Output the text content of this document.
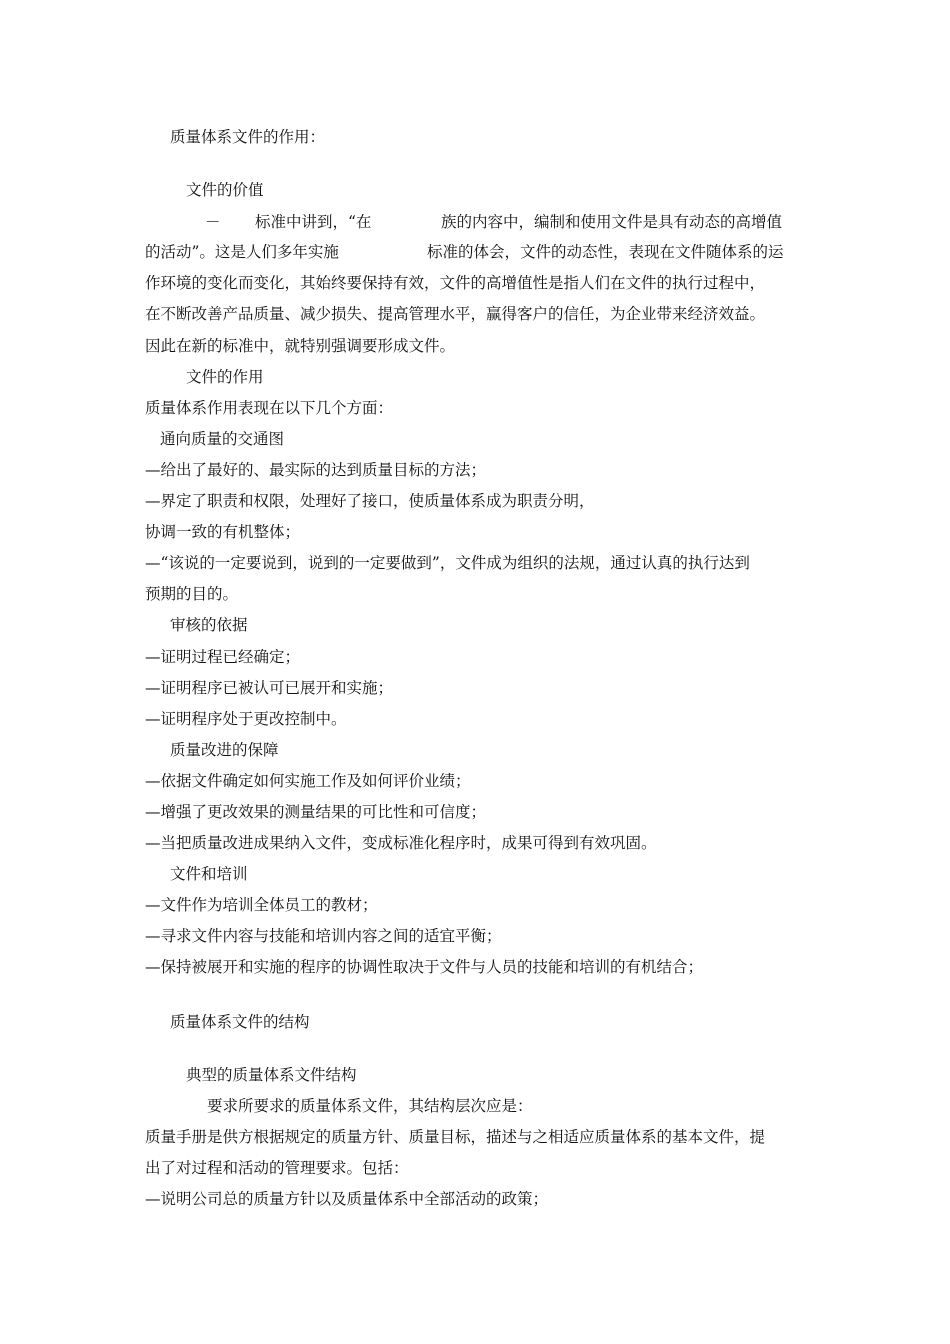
质量体系文件的作用：
文件的价值
－ 标准中讲到，“在	族的内容中，编制和使用文件是具有动态的高增值
的活动”。这是人们多年实施	标准的体会，文件的动态性，表现在文件随体系的运
作环境的变化而变化，其始终要保持有效，文件的高增值性是指人们在文件的执行过程中，
在不断改善产品质量、减少损失、提高管理水平，赢得客户的信任，为企业带来经济效益。
因此在新的标准中，就特别强调要形成文件。
文件的作用
质量体系作用表现在以下几个方面：
通向质量的交通图
—给出了最好的、最实际的达到质量目标的方法；
—界定了职责和权限，处理好了接口，使质量体系成为职责分明，
协调一致的有机整体；
—“该说的一定要说到，说到的一定要做到”，文件成为组织的法规，通过认真的执行达到
预期的目的。
审核的依据
—证明过程已经确定；
—证明程序已被认可已展开和实施；
—证明程序处于更改控制中。
质量改进的保障
—依据文件确定如何实施工作及如何评价业绩；
—增强了更改效果的测量结果的可比性和可信度；
—当把质量改进成果纳入文件，变成标准化程序时，成果可得到有效巩固。
文件和培训
—文件作为培训全体员工的教材；
—寻求文件内容与技能和培训内容之间的适宜平衡；
—保持被展开和实施的程序的协调性取决于文件与人员的技能和培训的有机结合；
质量体系文件的结构
典型的质量体系文件结构
要求所要求的质量体系文件，其结构层次应是：
质量手册是供方根据规定的质量方针、质量目标，描述与之相适应质量体系的基本文件，提
出了对过程和活动的管理要求。包括：
—说明公司总的质量方针以及质量体系中全部活动的政策；
